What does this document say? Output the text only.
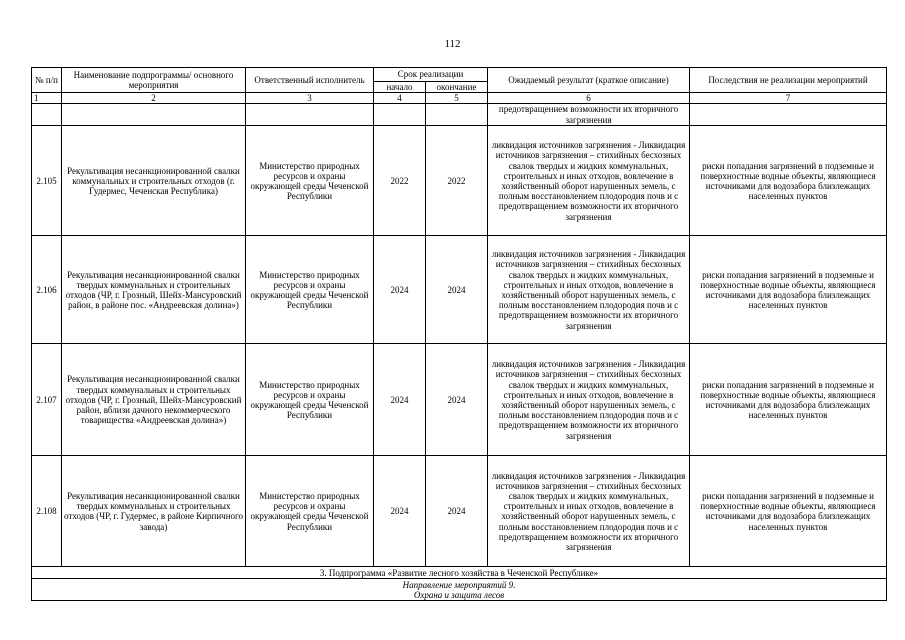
112
№ п/п	Наименование подпрограммы/ основного мероприятия	Ответственный исполнитель	Срок реализации		Ожидаемый результат (краткое описание)	Последствия не реализации мероприятий
			начало	окончание		
1	2	3	4	5	6	7
					предотвращением возможности их вторичного загрязнения	
2.105	Рекультивация несанкционированной свалки коммунальных и строительных отходов (г. Гудермес, Чеченская Республика)	Министерство природных ресурсов и охраны окружающей среды Чеченской Республики	2022	2022	ликвидация источников загрязнения - Ликвидация источников загрязнения – стихийных бесхозных свалок твердых и жидких коммунальных, строительных и иных отходов, вовлечение в хозяйственный оборот нарушенных земель, с полным восстановлением плодородия почв и с предотвращением возможности их вторичного загрязнения	риски попадания загрязнений в подземные и поверхностные водные объекты, являющиеся источниками для водозабора близлежащих населенных пунктов
2.106	Рекультивация несанкционированной свалки твердых коммунальных и строительных отходов (ЧР, г. Грозный, Шейх-Мансуровский район, в районе пос. «Андреевская долина»)	Министерство природных ресурсов и охраны окружающей среды Чеченской Республики	2024	2024	ликвидация источников загрязнения - Ликвидация источников загрязнения – стихийных бесхозных свалок твердых и жидких коммунальных, строительных и иных отходов, вовлечение в хозяйственный оборот нарушенных земель, с полным восстановлением плодородия почв и с предотвращением возможности их вторичного загрязнения	риски попадания загрязнений в подземные и поверхностные водные объекты, являющиеся источниками для водозабора близлежащих населенных пунктов
2.107	Рекультивация несанкционированной свалки твердых коммунальных и строительных отходов (ЧР, г. Грозный, Шейх-Мансуровский район, вблизи дачного некоммерческого товарищества «Андреевская долина»)	Министерство природных ресурсов и охраны окружающей среды Чеченской Республики	2024	2024	ликвидация источников загрязнения - Ликвидация источников загрязнения – стихийных бесхозных свалок твердых и жидких коммунальных, строительных и иных отходов, вовлечение в хозяйственный оборот нарушенных земель, с полным восстановлением плодородия почв и с предотвращением возможности их вторичного загрязнения	риски попадания загрязнений в подземные и поверхностные водные объекты, являющиеся источниками для водозабора близлежащих населенных пунктов
2.108	Рекультивация несанкционированной свалки твердых коммунальных и строительных отходов (ЧР, г. Гудермес, в районе Кирпичного завода)	Министерство природных ресурсов и охраны окружающей среды Чеченской Республики	2024	2024	ликвидация источников загрязнения - Ликвидация источников загрязнения – стихийных бесхозных свалок твердых и жидких коммунальных, строительных и иных отходов, вовлечение в хозяйственный оборот нарушенных земель, с полным восстановлением плодородия почв и с предотвращением возможности их вторичного загрязнения	риски попадания загрязнений в подземные и поверхностные водные объекты, являющиеся источниками для водозабора близлежащих населенных пунктов
3. Подпрограмма «Развитие лесного хозяйства в Чеченской Республике»						

Направление мероприятий 9.
Охрана и защита лесов						
